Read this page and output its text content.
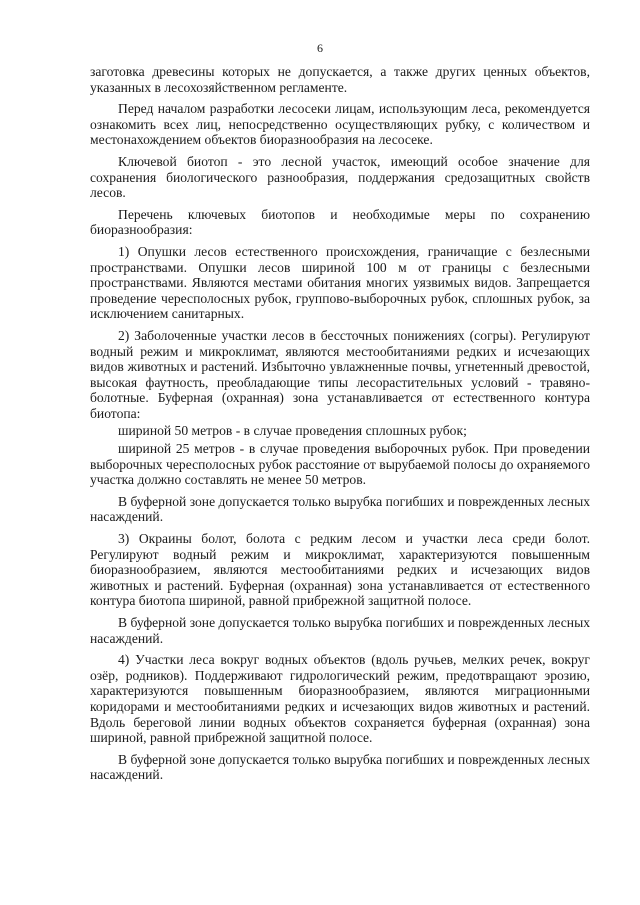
6

заготовка древесины которых не допускается, а также других ценных объектов, указанных в лесохозяйственном регламенте.

Перед началом разработки лесосеки лицам, использующим леса, рекомендуется ознакомить всех лиц, непосредственно осуществляющих рубку, с количеством и местонахождением объектов биоразнообразия на лесосеке.

Ключевой биотоп - это лесной участок, имеющий особое значение для сохранения биологического разнообразия, поддержания средозащитных свойств лесов.

Перечень ключевых биотопов и необходимые меры по сохранению биоразнообразия:

1) Опушки лесов естественного происхождения, граничащие с безлесными пространствами. Опушки лесов шириной 100 м от границы с безлесными пространствами. Являются местами обитания многих уязвимых видов. Запрещается проведение чересполосных рубок, группово-выборочных рубок, сплошных рубок, за исключением санитарных.

2) Заболоченные участки лесов в бессточных понижениях (согры). Регулируют водный режим и микроклимат, являются местообитаниями редких и исчезающих видов животных и растений. Избыточно увлажненные почвы, угнетенный древостой, высокая фаутность, преобладающие типы лесорастительных условий - травяно-болотные. Буферная (охранная) зона устанавливается от естественного контура биотопа:

шириной 50 метров - в случае проведения сплошных рубок;

шириной 25 метров - в случае проведения выборочных рубок. При проведении выборочных чересполосных рубок расстояние от вырубаемой полосы до охраняемого участка должно составлять не менее 50 метров.

В буферной зоне допускается только вырубка погибших и поврежденных лесных насаждений.

3) Окраины болот, болота с редким лесом и участки леса среди болот. Регулируют водный режим и микроклимат, характеризуются повышенным биоразнообразием, являются местообитаниями редких и исчезающих видов животных и растений. Буферная (охранная) зона устанавливается от естественного контура биотопа шириной, равной прибрежной защитной полосе.

В буферной зоне допускается только вырубка погибших и поврежденных лесных насаждений.

4) Участки леса вокруг водных объектов (вдоль ручьев, мелких речек, вокруг озёр, родников). Поддерживают гидрологический режим, предотвращают эрозию, характеризуются повышенным биоразнообразием, являются миграционными коридорами и местообитаниями редких и исчезающих видов животных и растений. Вдоль береговой линии водных объектов сохраняется буферная (охранная) зона шириной, равной прибрежной защитной полосе.

В буферной зоне допускается только вырубка погибших и поврежденных лесных насаждений.
